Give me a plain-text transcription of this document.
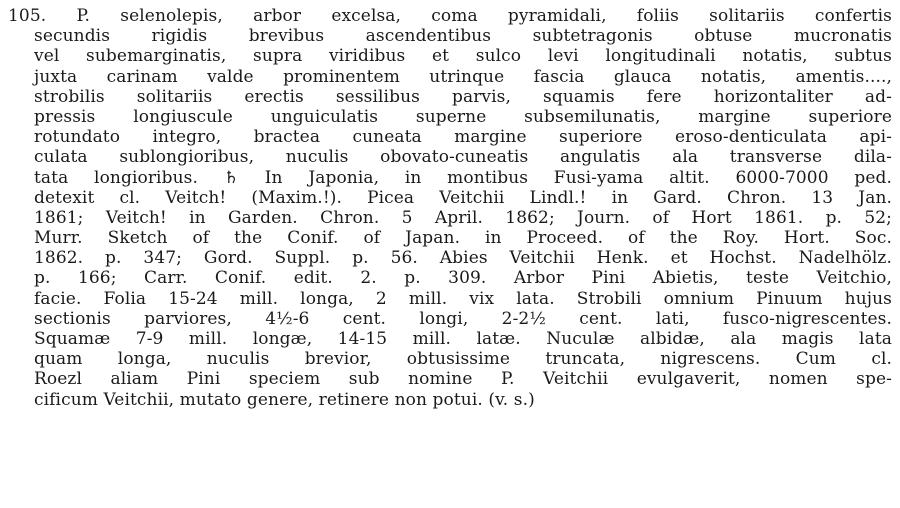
105. P. selenolepis, arbor excelsa, coma pyramidali, foliis solitariis confertis
secundis rigidis brevibus ascendentibus subtetragonis obtuse mucronatis
vel subemarginatis, supra viridibus et sulco levi longitudinali notatis, subtus
juxta carinam valde prominentem utrinque fascia glauca notatis, amentis....,
strobilis solitariis erectis sessilibus parvis, squamis fere horizontaliter ad-
pressis longiuscule unguiculatis superne subsemilunatis, margine superiore
rotundato integro, bractea cuneata margine superiore eroso-denticulata api-
culata sublongioribus, nuculis obovato-cuneatis angulatis ala transverse dila-
tata longioribus. ♄ In Japonia, in montibus Fusi-yama altit. 6000-7000 ped.
detexit cl. Veitch! (Maxim.!). Picea Veitchii Lindl.! in Gard. Chron. 13 Jan.
1861; Veitch! in Garden. Chron. 5 April. 1862; Journ. of Hort 1861. p. 52;
Murr. Sketch of the Conif. of Japan. in Proceed. of the Roy. Hort. Soc.
1862. p. 347; Gord. Suppl. p. 56. Abies Veitchii Henk. et Hochst. Nadelhölz.
p. 166; Carr. Conif. edit. 2. p. 309. Arbor Pini Abietis, teste Veitchio,
facie. Folia 15-24 mill. longa, 2 mill. vix lata. Strobili omnium Pinuum hujus
sectionis parviores, 4½-6 cent. longi, 2-2½ cent. lati, fusco-nigrescentes.
Squamæ 7-9 mill. longæ, 14-15 mill. latæ. Nuculæ albidæ, ala magis lata
quam longa, nuculis brevior, obtusissime truncata, nigrescens. Cum cl.
Roezl aliam Pini speciem sub nomine P. Veitchii evulgaverit, nomen spe-
cificum Veitchii, mutato genere, retinere non potui. (v. s.)
